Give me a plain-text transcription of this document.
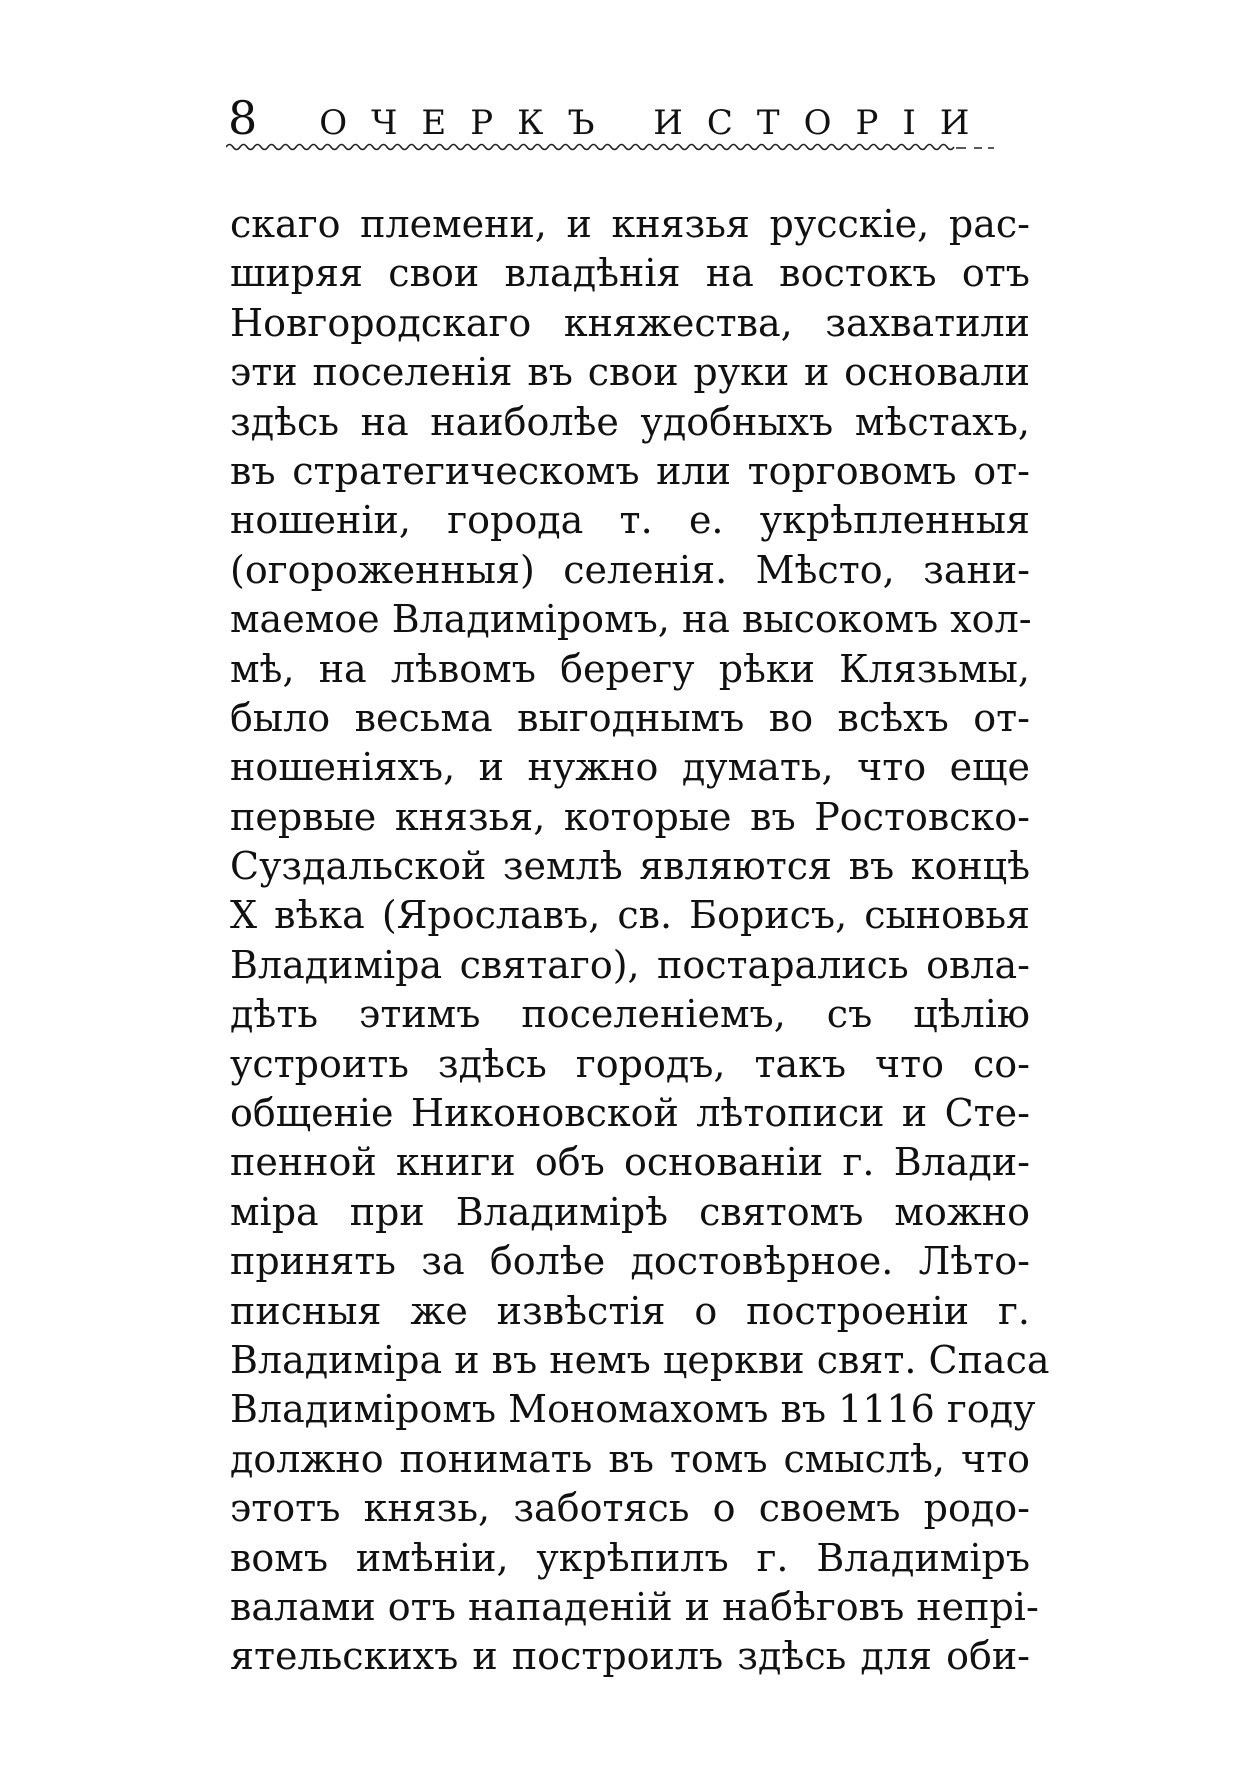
8 ОЧЕРКЪ ИСТОРІИ
скаго племени, и князья русскіе, рас-
ширяя свои владѣнія на востокъ отъ
Новгородскаго княжества, захватили
эти поселенія въ свои руки и основали
здѣсь на наиболѣе удобныхъ мѣстахъ,
въ стратегическомъ или торговомъ от-
ношеніи, города т. е. укрѣпленныя
(огороженныя) селенія. Мѣсто, зани-
маемое Владиміромъ, на высокомъ хол-
мѣ, на лѣвомъ берегу рѣки Клязьмы,
было весьма выгоднымъ во всѣхъ от-
ношеніяхъ, и нужно думать, что еще
первые князья, которые въ Ростовско-
Суздальской землѣ являются въ концѣ
X вѣка (Ярославъ, св. Борисъ, сыновья
Владиміра святаго), постарались овла-
дѣть этимъ поселеніемъ, съ цѣлію
устроить здѣсь городъ, такъ что со-
общеніе Никоновской лѣтописи и Сте-
пенной книги объ основаніи г. Влади-
міра при Владимірѣ святомъ можно
принять за болѣе достовѣрное. Лѣто-
писныя же извѣстія о построеніи г.
Владиміра и въ немъ церкви свят. Спаса
Владиміромъ Мономахомъ въ 1116 году
должно понимать въ томъ смыслѣ, что
этотъ князь, заботясь о своемъ родо-
вомъ имѣніи, укрѣпилъ г. Владиміръ
валами отъ нападеній и набѣговъ непрі-
ятельскихъ и построилъ здѣсь для оби-
